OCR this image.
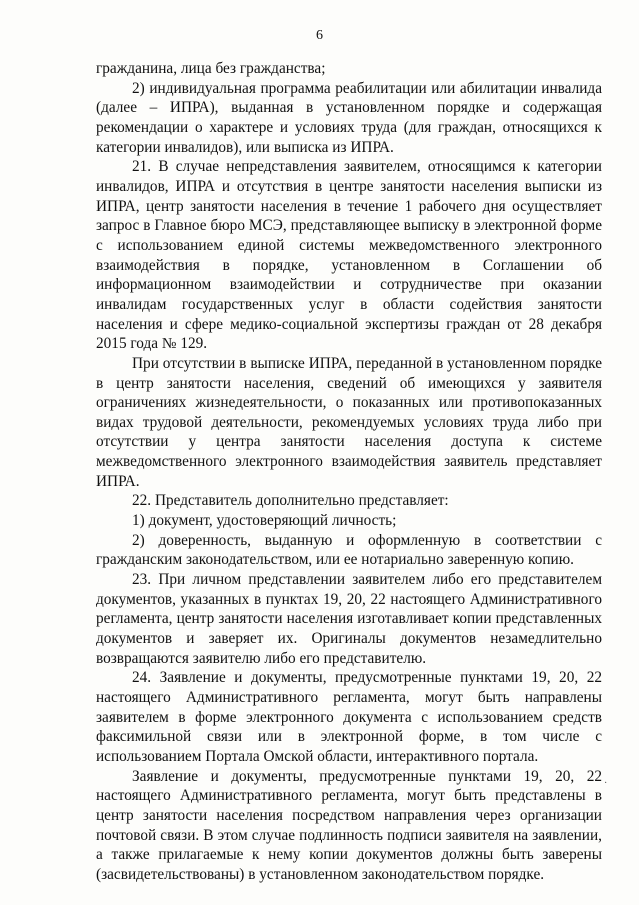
6

гражданина, лица без гражданства;

2) индивидуальная программа реабилитации или абилитации инвалида (далее – ИПРА), выданная в установленном порядке и содержащая рекомендации о характере и условиях труда (для граждан, относящихся к категории инвалидов), или выписка из ИПРА.

21. В случае непредставления заявителем, относящимся к категории инвалидов, ИПРА и отсутствия в центре занятости населения выписки из ИПРА, центр занятости населения в течение 1 рабочего дня осуществляет запрос в Главное бюро МСЭ, представляющее выписку в электронной форме с использованием единой системы межведомственного электронного взаимодействия в порядке, установленном в Соглашении об информационном взаимодействии и сотрудничестве при оказании инвалидам государственных услуг в области содействия занятости населения и сфере медико-социальной экспертизы граждан от 28 декабря 2015 года № 129.

При отсутствии в выписке ИПРА, переданной в установленном порядке в центр занятости населения, сведений об имеющихся у заявителя ограничениях жизнедеятельности, о показанных или противопоказанных видах трудовой деятельности, рекомендуемых условиях труда либо при отсутствии у центра занятости населения доступа к системе межведомственного электронного взаимодействия заявитель представляет ИПРА.

22. Представитель дополнительно представляет:

1) документ, удостоверяющий личность;

2) доверенность, выданную и оформленную в соответствии с гражданским законодательством, или ее нотариально заверенную копию.

23. При личном представлении заявителем либо его представителем документов, указанных в пунктах 19, 20, 22 настоящего Административного регламента, центр занятости населения изготавливает копии представленных документов и заверяет их. Оригиналы документов незамедлительно возвращаются заявителю либо его представителю.

24. Заявление и документы, предусмотренные пунктами 19, 20, 22 настоящего Административного регламента, могут быть направлены заявителем в форме электронного документа с использованием средств факсимильной связи или в электронной форме, в том числе с использованием Портала Омской области, интерактивного портала.

Заявление и документы, предусмотренные пунктами 19, 20, 22 настоящего Административного регламента, могут быть представлены в центр занятости населения посредством направления через организации почтовой связи. В этом случае подлинность подписи заявителя на заявлении, а также прилагаемые к нему копии документов должны быть заверены (засвидетельствованы) в установленном законодательством порядке.

·
